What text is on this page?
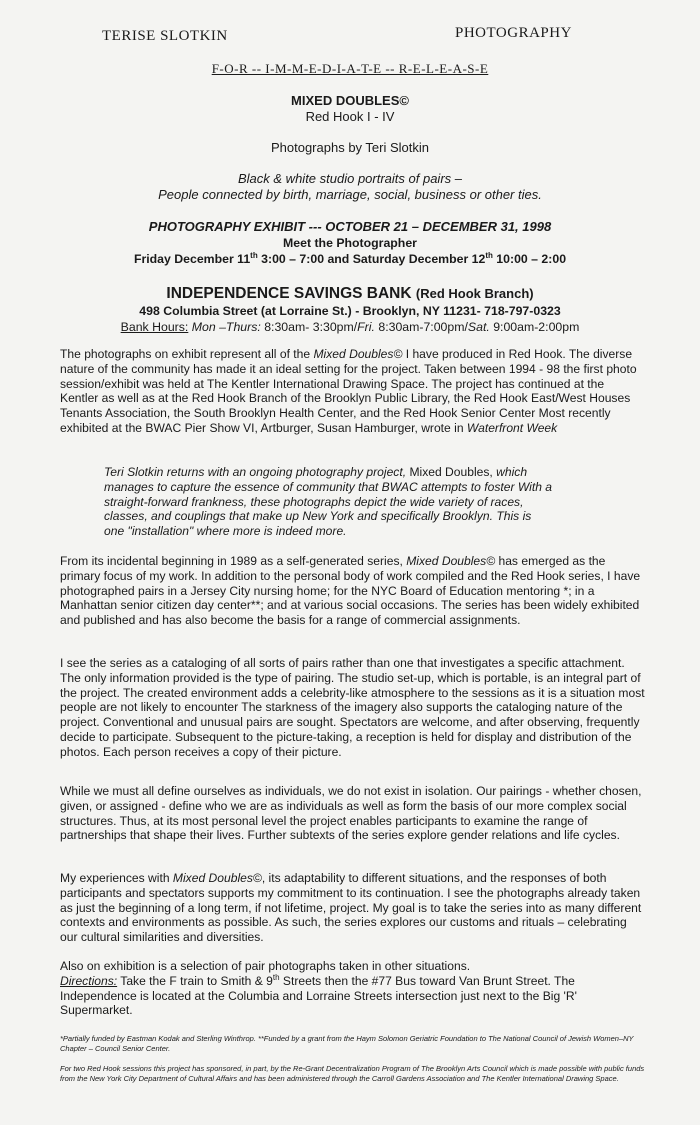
TERISE SLOTKIN	PHOTOGRAPHY
F-O-R -- I-M-M-E-D-I-A-T-E -- R-E-L-E-A-S-E
MIXED DOUBLES©
Red Hook I - IV
Photographs by Teri Slotkin
Black & white studio portraits of pairs –
People connected by birth, marriage, social, business or other ties.
PHOTOGRAPHY EXHIBIT --- OCTOBER 21 – DECEMBER 31, 1998
Meet the Photographer
Friday December 11th 3:00 – 7:00 and Saturday December 12th 10:00 – 2:00
INDEPENDENCE SAVINGS BANK (Red Hook Branch)
498 Columbia Street (at Lorraine St.) - Brooklyn, NY 11231- 718-797-0323
Bank Hours: Mon –Thurs: 8:30am- 3:30pm/Fri. 8:30am-7:00pm/Sat. 9:00am-2:00pm
The photographs on exhibit represent all of the Mixed Doubles© I have produced in Red Hook. The diverse nature of the community has made it an ideal setting for the project. Taken between 1994 - 98 the first photo session/exhibit was held at The Kentler International Drawing Space. The project has continued at the Kentler as well as at the Red Hook Branch of the Brooklyn Public Library, the Red Hook East/West Houses Tenants Association, the South Brooklyn Health Center, and the Red Hook Senior Center Most recently exhibited at the BWAC Pier Show VI, Artburger, Susan Hamburger, wrote in Waterfront Week
Teri Slotkin returns with an ongoing photography project, Mixed Doubles, which manages to capture the essence of community that BWAC attempts to foster With a straight-forward frankness, these photographs depict the wide variety of races, classes, and couplings that make up New York and specifically Brooklyn. This is one "installation" where more is indeed more.
From its incidental beginning in 1989 as a self-generated series, Mixed Doubles© has emerged as the primary focus of my work. In addition to the personal body of work compiled and the Red Hook series, I have photographed pairs in a Jersey City nursing home; for the NYC Board of Education mentoring *; in a Manhattan senior citizen day center**; and at various social occasions. The series has been widely exhibited and published and has also become the basis for a range of commercial assignments.
I see the series as a cataloging of all sorts of pairs rather than one that investigates a specific attachment. The only information provided is the type of pairing. The studio set-up, which is portable, is an integral part of the project. The created environment adds a celebrity-like atmosphere to the sessions as it is a situation most people are not likely to encounter The starkness of the imagery also supports the cataloging nature of the project. Conventional and unusual pairs are sought. Spectators are welcome, and after observing, frequently decide to participate. Subsequent to the picture-taking, a reception is held for display and distribution of the photos. Each person receives a copy of their picture.
While we must all define ourselves as individuals, we do not exist in isolation. Our pairings - whether chosen, given, or assigned - define who we are as individuals as well as form the basis of our more complex social structures. Thus, at its most personal level the project enables participants to examine the range of partnerships that shape their lives. Further subtexts of the series explore gender relations and life cycles.
My experiences with Mixed Doubles©, its adaptability to different situations, and the responses of both participants and spectators supports my commitment to its continuation. I see the photographs already taken as just the beginning of a long term, if not lifetime, project. My goal is to take the series into as many different contexts and environments as possible. As such, the series explores our customs and rituals – celebrating our cultural similarities and diversities.
Also on exhibition is a selection of pair photographs taken in other situations.
Directions: Take the F train to Smith & 9th Streets then the #77 Bus toward Van Brunt Street. The Independence is located at the Columbia and Lorraine Streets intersection just next to the Big 'R' Supermarket.
*Partially funded by Eastman Kodak and Sterling Winthrop. **Funded by a grant from the Haym Solomon Geriatric Foundation to The National Council of Jewish Women–NY Chapter – Council Senior Center.
For two Red Hook sessions this project has sponsored, in part, by the Re-Grant Decentralization Program of The Brooklyn Arts Council which is made possible with public funds from the New York City Department of Cultural Affairs and has been administered through the Carroll Gardens Association and The Kentler International Drawing Space.
